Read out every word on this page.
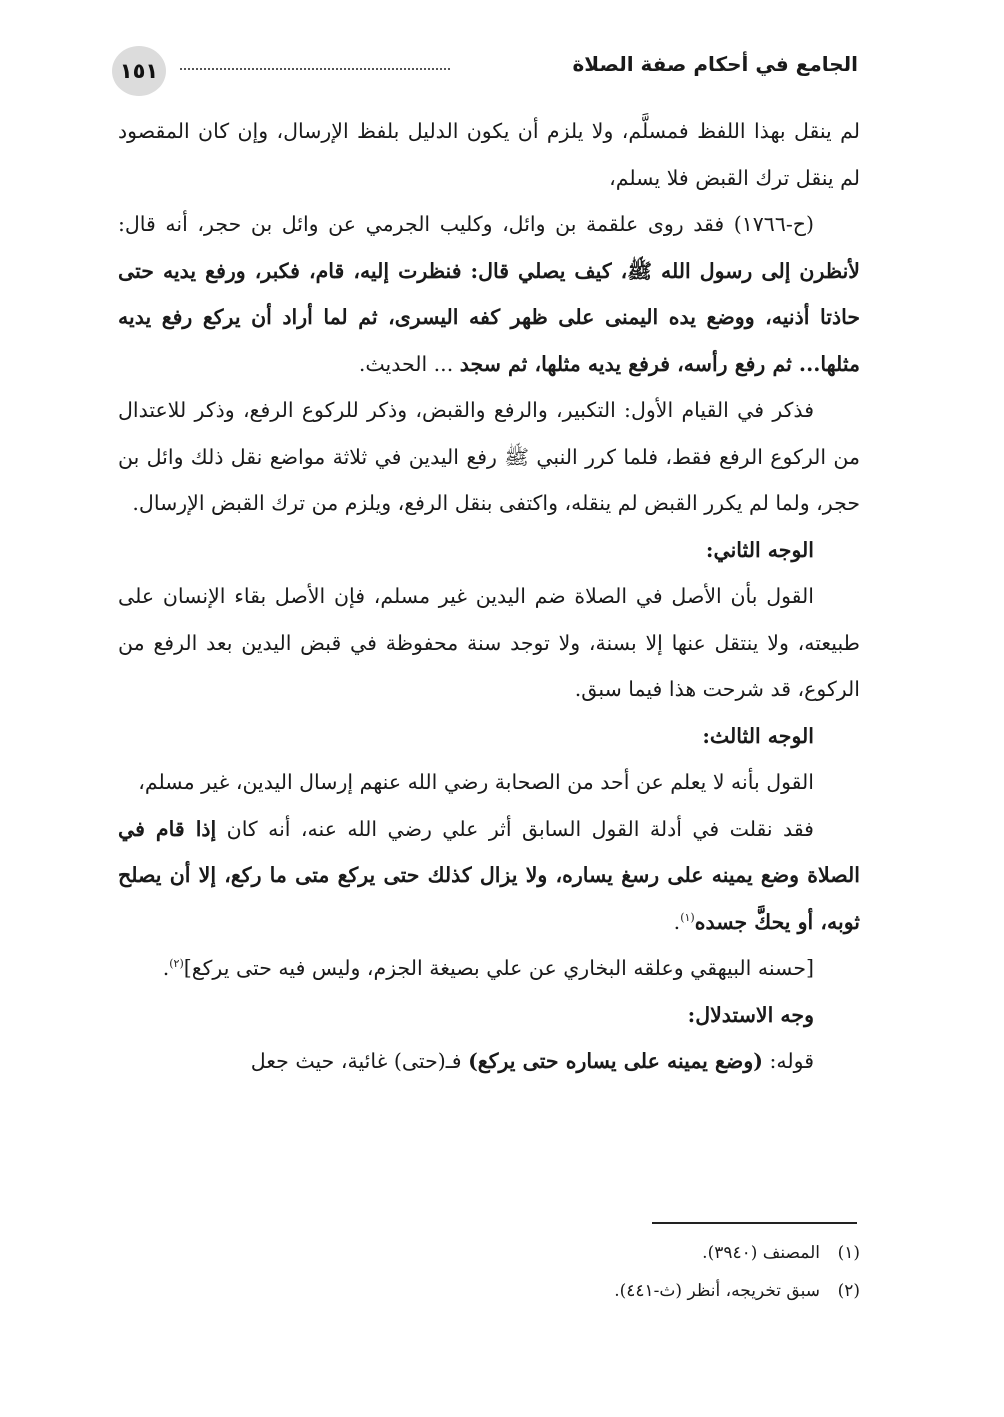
١٥١	الجامع في أحكام صفة الصلاة

لم ينقل بهذا اللفظ فمسلَّم، ولا يلزم أن يكون الدليل بلفظ الإرسال، وإن كان المقصود لم ينقل ترك القبض فلا يسلم،

(ح-١٧٦٦) فقد روى علقمة بن وائل، وكليب الجرمي عن وائل بن حجر، أنه قال: لأنظرن إلى رسول الله ﷺ، كيف يصلي قال: فنظرت إليه، قام، فكبر، ورفع يديه حتى حاذتا أذنيه، ووضع يده اليمنى على ظهر كفه اليسرى، ثم لما أراد أن يركع رفع يديه مثلها... ثم رفع رأسه، فرفع يديه مثلها، ثم سجد ... الحديث.

فذكر في القيام الأول: التكبير، والرفع والقبض، وذكر للركوع الرفع، وذكر للاعتدال من الركوع الرفع فقط، فلما كرر النبي ﷺ رفع اليدين في ثلاثة مواضع نقل ذلك وائل بن حجر، ولما لم يكرر القبض لم ينقله، واكتفى بنقل الرفع، ويلزم من ترك القبض الإرسال.

الوجه الثاني:

القول بأن الأصل في الصلاة ضم اليدين غير مسلم، فإن الأصل بقاء الإنسان على طبيعته، ولا ينتقل عنها إلا بسنة، ولا توجد سنة محفوظة في قبض اليدين بعد الرفع من الركوع، قد شرحت هذا فيما سبق.

الوجه الثالث:

القول بأنه لا يعلم عن أحد من الصحابة رضي الله عنهم إرسال اليدين، غير مسلم،

فقد نقلت في أدلة القول السابق أثر علي رضي الله عنه، أنه كان إذا قام في الصلاة وضع يمينه على رسغ يساره، ولا يزال كذلك حتى يركع متى ما ركع، إلا أن يصلح ثوبه، أو يحكَّ جسده$^{(١)}$.

[حسنه البيهقي وعلقه البخاري عن علي بصيغة الجزم، وليس فيه حتى يركع]$^{(٢)}$.

وجه الاستدلال:

قوله: (وضع يمينه على يساره حتى يركع) فـ(حتى) غائية، حيث جعل

(١)المصنف (٣٩٤٠).

(٢)سبق تخريجه، أنظر (ث-٤٤١).
